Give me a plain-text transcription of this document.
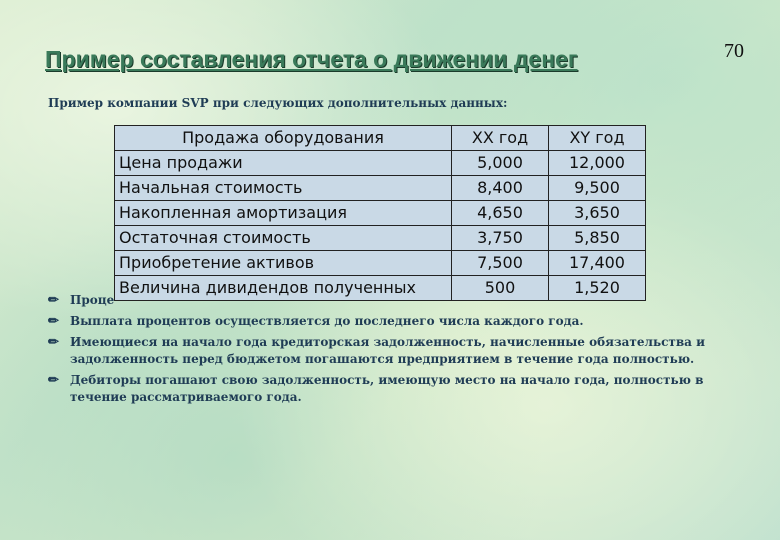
70
Пример составления отчета о движении денег
Пример компании SVP при следующих дополнительных данных:
✏ Проце
✏ Выплата процентов осуществляется до последнего числа каждого года.
✏ Имеющиеся на начало года кредиторская задолженность, начисленные обязательства и задолженность перед бюджетом погашаются предприятием в течение года полностью.
✏ Дебиторы погашают свою задолженность, имеющую место на начало года, полностью в течение рассматриваемого года.
Продажа оборудования	XX год	XY год
Цена продажи	5,000	12,000
Начальная стоимость	8,400	9,500
Накопленная амортизация	4,650	3,650
Остаточная стоимость	3,750	5,850
Приобретение активов	7,500	17,400
Величина дивидендов полученных	500	1,520
